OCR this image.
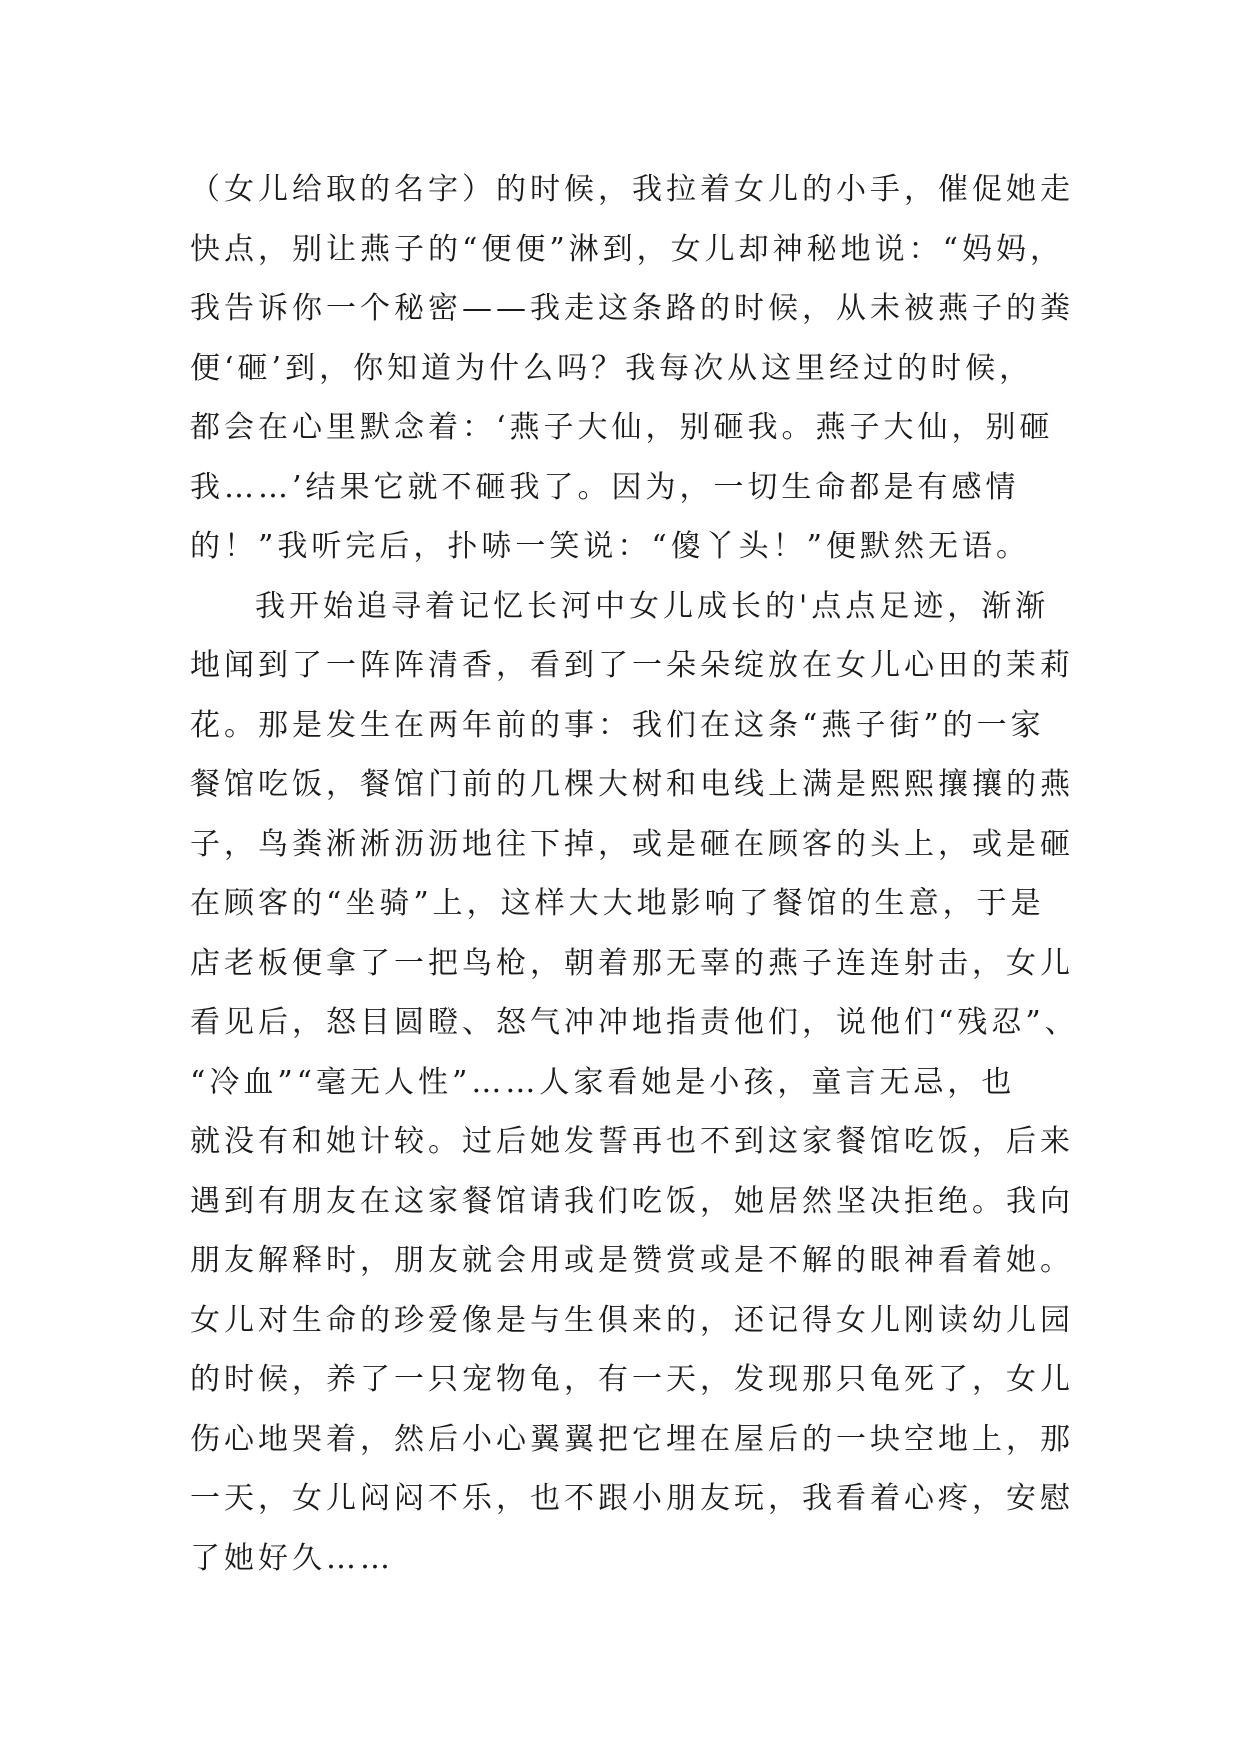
（女儿给取的名字）的时候，我拉着女儿的小手，催促她走
快点，别让燕子的“便便”淋到，女儿却神秘地说：“妈妈，
我告诉你一个秘密——我走这条路的时候，从未被燕子的粪
便‘砸’到，你知道为什么吗？我每次从这里经过的时候，
都会在心里默念着：‘燕子大仙，别砸我。燕子大仙，别砸
我……’结果它就不砸我了。因为，一切生命都是有感情
的！”我听完后，扑哧一笑说：“傻丫头！”便默然无语。
我开始追寻着记忆长河中女儿成长的'点点足迹，渐渐
地闻到了一阵阵清香，看到了一朵朵绽放在女儿心田的茉莉
花。那是发生在两年前的事：我们在这条“燕子街”的一家
餐馆吃饭，餐馆门前的几棵大树和电线上满是熙熙攘攘的燕
子，鸟粪淅淅沥沥地往下掉，或是砸在顾客的头上，或是砸
在顾客的“坐骑”上，这样大大地影响了餐馆的生意，于是
店老板便拿了一把鸟枪，朝着那无辜的燕子连连射击，女儿
看见后，怒目圆瞪、怒气冲冲地指责他们，说他们“残忍”、
“冷血”“毫无人性”……人家看她是小孩，童言无忌，也
就没有和她计较。过后她发誓再也不到这家餐馆吃饭，后来
遇到有朋友在这家餐馆请我们吃饭，她居然坚决拒绝。我向
朋友解释时，朋友就会用或是赞赏或是不解的眼神看着她。
女儿对生命的珍爱像是与生俱来的，还记得女儿刚读幼儿园
的时候，养了一只宠物龟，有一天，发现那只龟死了，女儿
伤心地哭着，然后小心翼翼把它埋在屋后的一块空地上，那
一天，女儿闷闷不乐，也不跟小朋友玩，我看着心疼，安慰
了她好久……
